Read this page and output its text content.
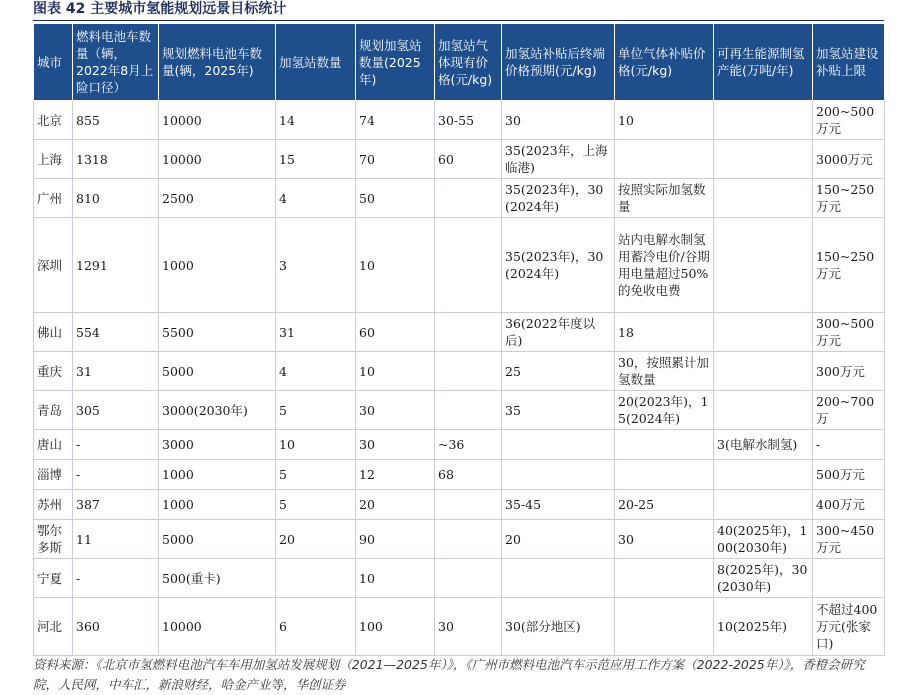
图表 42 主要城市氢能规划远景目标统计
城市	燃料电池车数量（辆，2022年8月上险口径）	规划燃料电池车数量(辆，2025年)	加氢站数量	规划加氢站数量(2025年)	加氢站气体现有价格(元/kg)	加氢站补贴后终端价格预期(元/kg)	单位气体补贴价格(元/kg)	可再生能源制氢产能(万吨/年)	加氢站建设补贴上限
北京	855	10000	14	74	30-55	30	10		200~500万元
上海	1318	10000	15	70	60	35(2023年，上海临港)			3000万元
广州	810	2500	4	50		35(2023年)，30(2024年)	按照实际加氢数量		150~250万元
深圳	1291	1000	3	10		35(2023年)，30(2024年)	站内电解水制氢用蓄冷电价/谷期用电量超过50%的免收电费		150~250万元
佛山	554	5500	31	60		36(2022年度以后)	18		300~500万元
重庆	31	5000	4	10		25	30，按照累计加氢数量		300万元
青岛	305	3000(2030年)	5	30		35	20(2023年)，15(2024年)		200~700万
唐山	-	3000	10	30	~36			3(电解水制氢)	-
淄博	-	1000	5	12	68				500万元
苏州	387	1000	5	20		35-45	20-25		400万元
鄂尔多斯	11	5000	20	90		20	30	40(2025年)，100(2030年)	300~450万元
宁夏	-	500(重卡)		10				8(2025年)，30(2030年)	
河北	360	10000	6	100	30	30(部分地区)		10(2025年)	不超过400万元(张家口)
资料来源：《北京市氢燃料电池汽车车用加氢站发展规划（2021—2025年）》，《广州市燃料电池汽车示范应用工作方案（2022-2025年）》，香橙会研究院，人民网，中车汇，新浪财经，哈金产业等，华创证券
